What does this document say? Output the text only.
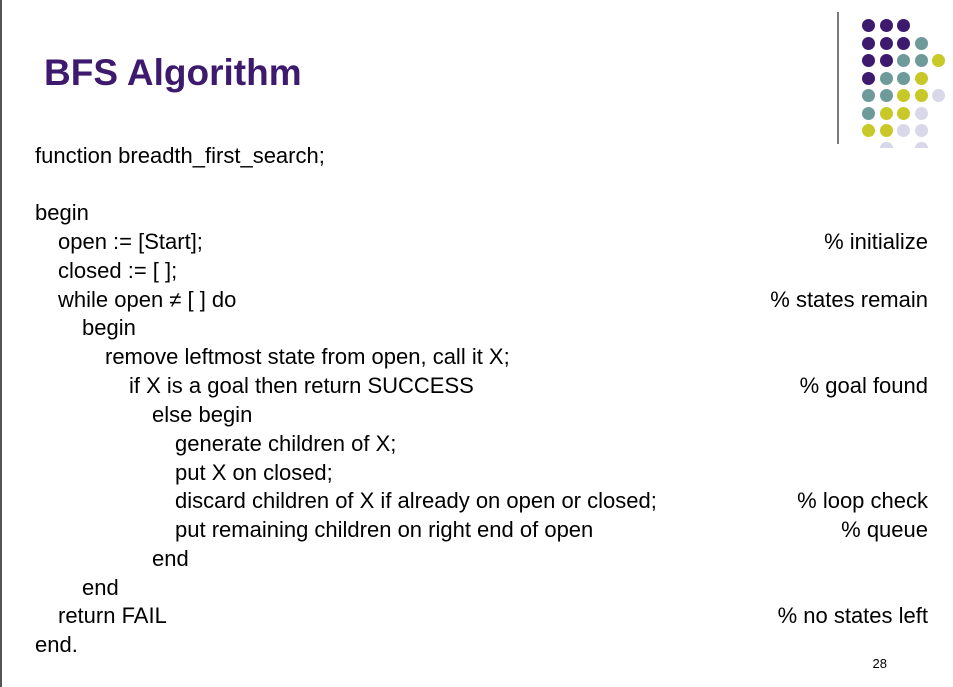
BFS Algorithm
function breadth_first_search;
begin
open := [Start];	% initialize
closed := [ ];
while open ≠ [ ] do	% states remain
begin
remove leftmost state from open, call it X;
if X is a goal then return SUCCESS	% goal found
else begin
generate children of X;
put X on closed;
discard children of X if already on open or closed;	% loop check
put remaining children on right end of open	% queue
end
end
return FAIL	% no states left
end.
28
